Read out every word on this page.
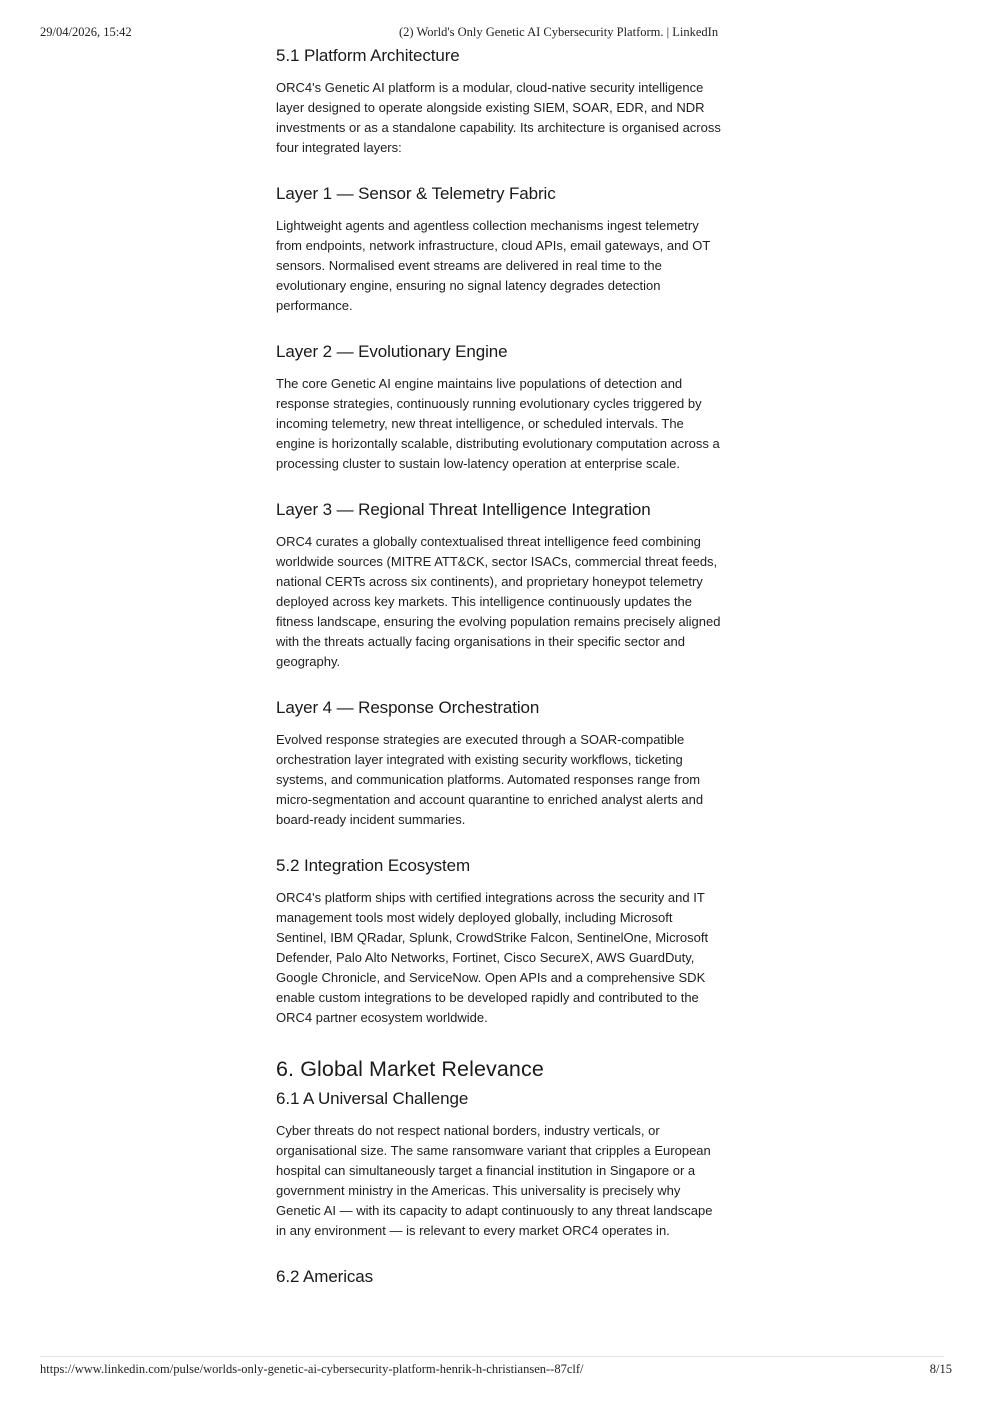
29/04/2026, 15:42	(2) World's Only Genetic AI Cybersecurity Platform. | LinkedIn
5.1 Platform Architecture

ORC4's Genetic AI platform is a modular, cloud-native security intelligence layer designed to operate alongside existing SIEM, SOAR, EDR, and NDR investments or as a standalone capability. Its architecture is organised across four integrated layers:

Layer 1 — Sensor & Telemetry Fabric

Lightweight agents and agentless collection mechanisms ingest telemetry from endpoints, network infrastructure, cloud APIs, email gateways, and OT sensors. Normalised event streams are delivered in real time to the evolutionary engine, ensuring no signal latency degrades detection performance.

Layer 2 — Evolutionary Engine

The core Genetic AI engine maintains live populations of detection and response strategies, continuously running evolutionary cycles triggered by incoming telemetry, new threat intelligence, or scheduled intervals. The engine is horizontally scalable, distributing evolutionary computation across a processing cluster to sustain low-latency operation at enterprise scale.

Layer 3 — Regional Threat Intelligence Integration

ORC4 curates a globally contextualised threat intelligence feed combining worldwide sources (MITRE ATT&CK, sector ISACs, commercial threat feeds, national CERTs across six continents), and proprietary honeypot telemetry deployed across key markets. This intelligence continuously updates the fitness landscape, ensuring the evolving population remains precisely aligned with the threats actually facing organisations in their specific sector and geography.

Layer 4 — Response Orchestration

Evolved response strategies are executed through a SOAR-compatible orchestration layer integrated with existing security workflows, ticketing systems, and communication platforms. Automated responses range from micro-segmentation and account quarantine to enriched analyst alerts and board-ready incident summaries.

5.2 Integration Ecosystem

ORC4's platform ships with certified integrations across the security and IT management tools most widely deployed globally, including Microsoft Sentinel, IBM QRadar, Splunk, CrowdStrike Falcon, SentinelOne, Microsoft Defender, Palo Alto Networks, Fortinet, Cisco SecureX, AWS GuardDuty, Google Chronicle, and ServiceNow. Open APIs and a comprehensive SDK enable custom integrations to be developed rapidly and contributed to the ORC4 partner ecosystem worldwide.

6. Global Market Relevance
6.1 A Universal Challenge

Cyber threats do not respect national borders, industry verticals, or organisational size. The same ransomware variant that cripples a European hospital can simultaneously target a financial institution in Singapore or a government ministry in the Americas. This universality is precisely why Genetic AI — with its capacity to adapt continuously to any threat landscape in any environment — is relevant to every market ORC4 operates in.

6.2 Americas
https://www.linkedin.com/pulse/worlds-only-genetic-ai-cybersecurity-platform-henrik-h-christiansen--87clf/	8/15
